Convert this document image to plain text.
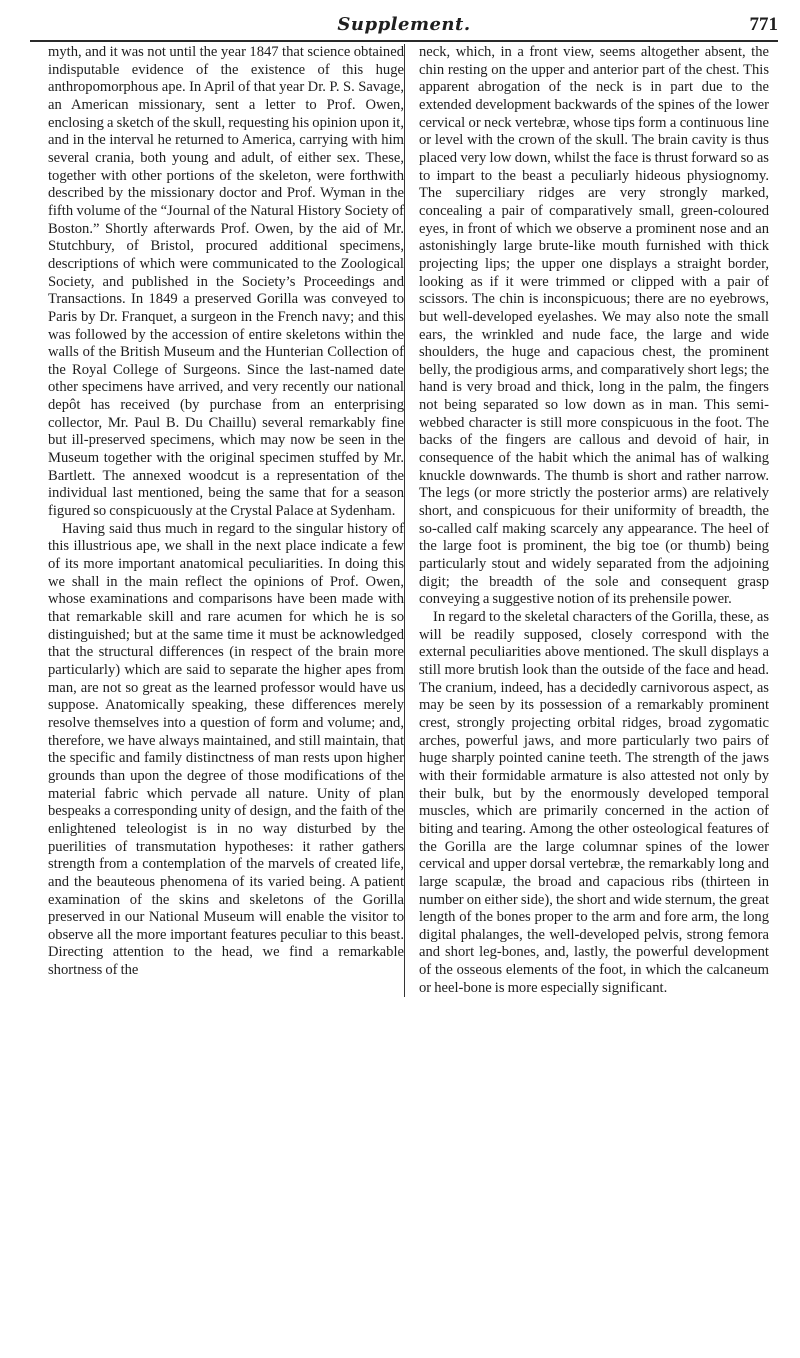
Supplement.	771

myth, and it was not until the year 1847 that science obtained indisputable evidence of the existence of this huge anthropomorphous ape. In April of that year Dr. P. S. Savage, an American missionary, sent a letter to Prof. Owen, enclosing a sketch of the skull, requesting his opinion upon it, and in the interval he returned to America, carrying with him several crania, both young and adult, of either sex. These, together with other portions of the skeleton, were forthwith described by the missionary doctor and Prof. Wyman in the fifth volume of the “Journal of the Natural History Society of Boston.” Shortly afterwards Prof. Owen, by the aid of Mr. Stutchbury, of Bristol, procured additional specimens, descriptions of which were communicated to the Zoological Society, and published in the Society’s Proceedings and Transactions. In 1849 a preserved Gorilla was conveyed to Paris by Dr. Franquet, a surgeon in the French navy; and this was followed by the accession of entire skeletons within the walls of the British Museum and the Hunterian Collection of the Royal College of Surgeons. Since the last-named date other specimens have arrived, and very recently our national depôt has received (by purchase from an enterprising collector, Mr. Paul B. Du Chaillu) several remarkably fine but ill-preserved specimens, which may now be seen in the Museum together with the original specimen stuffed by Mr. Bartlett. The annexed woodcut is a representation of the individual last mentioned, being the same that for a season figured so conspicuously at the Crystal Palace at Sydenham.

Having said thus much in regard to the singular history of this illustrious ape, we shall in the next place indicate a few of its more important anatomical peculiarities. In doing this we shall in the main reflect the opinions of Prof. Owen, whose examinations and comparisons have been made with that remarkable skill and rare acumen for which he is so distinguished; but at the same time it must be acknowledged that the structural differences (in respect of the brain more particularly) which are said to separate the higher apes from man, are not so great as the learned professor would have us suppose. Anatomically speaking, these differences merely resolve themselves into a question of form and volume; and, therefore, we have always maintained, and still maintain, that the specific and family distinctness of man rests upon higher grounds than upon the degree of those modifications of the material fabric which pervade all nature. Unity of plan bespeaks a corresponding unity of design, and the faith of the enlightened teleologist is in no way disturbed by the puerilities of transmutation hypotheses: it rather gathers strength from a contemplation of the marvels of created life, and the beauteous phenomena of its varied being. A patient examination of the skins and skeletons of the Gorilla preserved in our National Museum will enable the visitor to observe all the more important features peculiar to this beast. Directing attention to the head, we find a remarkable shortness of the

neck, which, in a front view, seems altogether absent, the chin resting on the upper and anterior part of the chest. This apparent abrogation of the neck is in part due to the extended development backwards of the spines of the lower cervical or neck vertebræ, whose tips form a continuous line or level with the crown of the skull. The brain cavity is thus placed very low down, whilst the face is thrust forward so as to impart to the beast a peculiarly hideous physiognomy. The superciliary ridges are very strongly marked, concealing a pair of comparatively small, green-coloured eyes, in front of which we observe a prominent nose and an astonishingly large brute-like mouth furnished with thick projecting lips; the upper one displays a straight border, looking as if it were trimmed or clipped with a pair of scissors. The chin is inconspicuous; there are no eyebrows, but well-developed eyelashes. We may also note the small ears, the wrinkled and nude face, the large and wide shoulders, the huge and capacious chest, the prominent belly, the prodigious arms, and comparatively short legs; the hand is very broad and thick, long in the palm, the fingers not being separated so low down as in man. This semi-webbed character is still more conspicuous in the foot. The backs of the fingers are callous and devoid of hair, in consequence of the habit which the animal has of walking knuckle downwards. The thumb is short and rather narrow. The legs (or more strictly the posterior arms) are relatively short, and conspicuous for their uniformity of breadth, the so-called calf making scarcely any appearance. The heel of the large foot is prominent, the big toe (or thumb) being particularly stout and widely separated from the adjoining digit; the breadth of the sole and consequent grasp conveying a suggestive notion of its prehensile power.

In regard to the skeletal characters of the Gorilla, these, as will be readily supposed, closely correspond with the external peculiarities above mentioned. The skull displays a still more brutish look than the outside of the face and head. The cranium, indeed, has a decidedly carnivorous aspect, as may be seen by its possession of a remarkably prominent crest, strongly projecting orbital ridges, broad zygomatic arches, powerful jaws, and more particularly two pairs of huge sharply pointed canine teeth. The strength of the jaws with their formidable armature is also attested not only by their bulk, but by the enormously developed temporal muscles, which are primarily concerned in the action of biting and tearing. Among the other osteological features of the Gorilla are the large columnar spines of the lower cervical and upper dorsal vertebræ, the remarkably long and large scapulæ, the broad and capacious ribs (thirteen in number on either side), the short and wide sternum, the great length of the bones proper to the arm and fore arm, the long digital phalanges, the well-developed pelvis, strong femora and short leg-bones, and, lastly, the powerful development of the osseous elements of the foot, in which the calcaneum or heel-bone is more especially significant.
